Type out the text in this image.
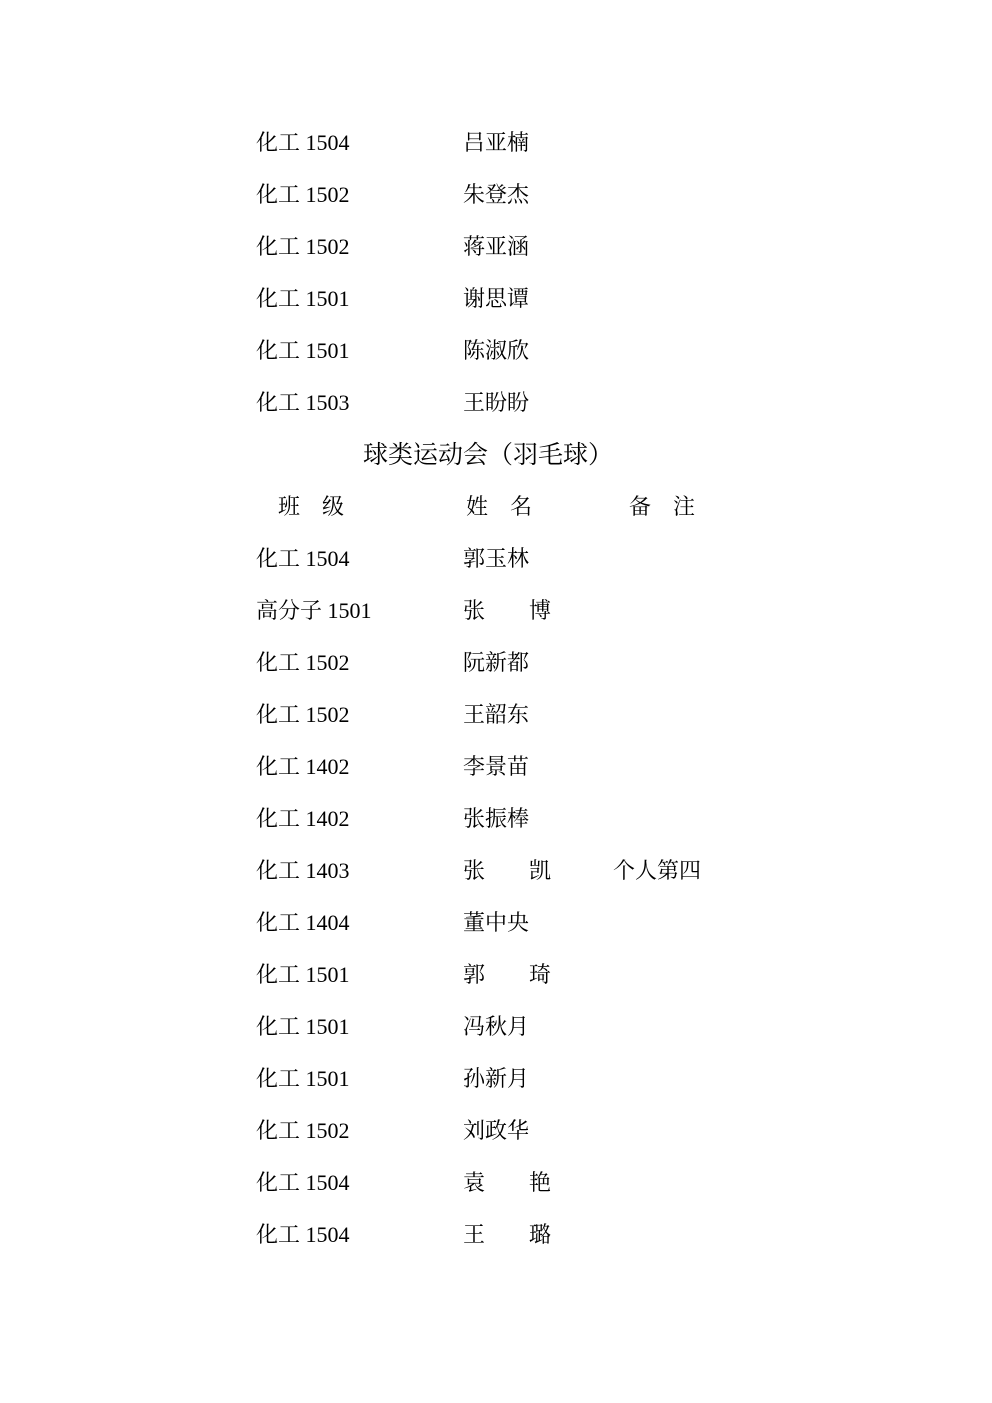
化工 1504	吕亚楠
化工 1502	朱登杰
化工 1502	蒋亚涵
化工 1501	谢思谭
化工 1501	陈淑欣
化工 1503	王盼盼
球类运动会（羽毛球）
班　级	姓　名	备　注
化工 1504	郭玉林
高分子 1501	张　　博
化工 1502	阮新都
化工 1502	王韶东
化工 1402	李景苗
化工 1402	张振棒
化工 1403	张　　凯	个人第四
化工 1404	董中央
化工 1501	郭　　琦
化工 1501	冯秋月
化工 1501	孙新月
化工 1502	刘政华
化工 1504	袁　　艳
化工 1504	王　　璐
